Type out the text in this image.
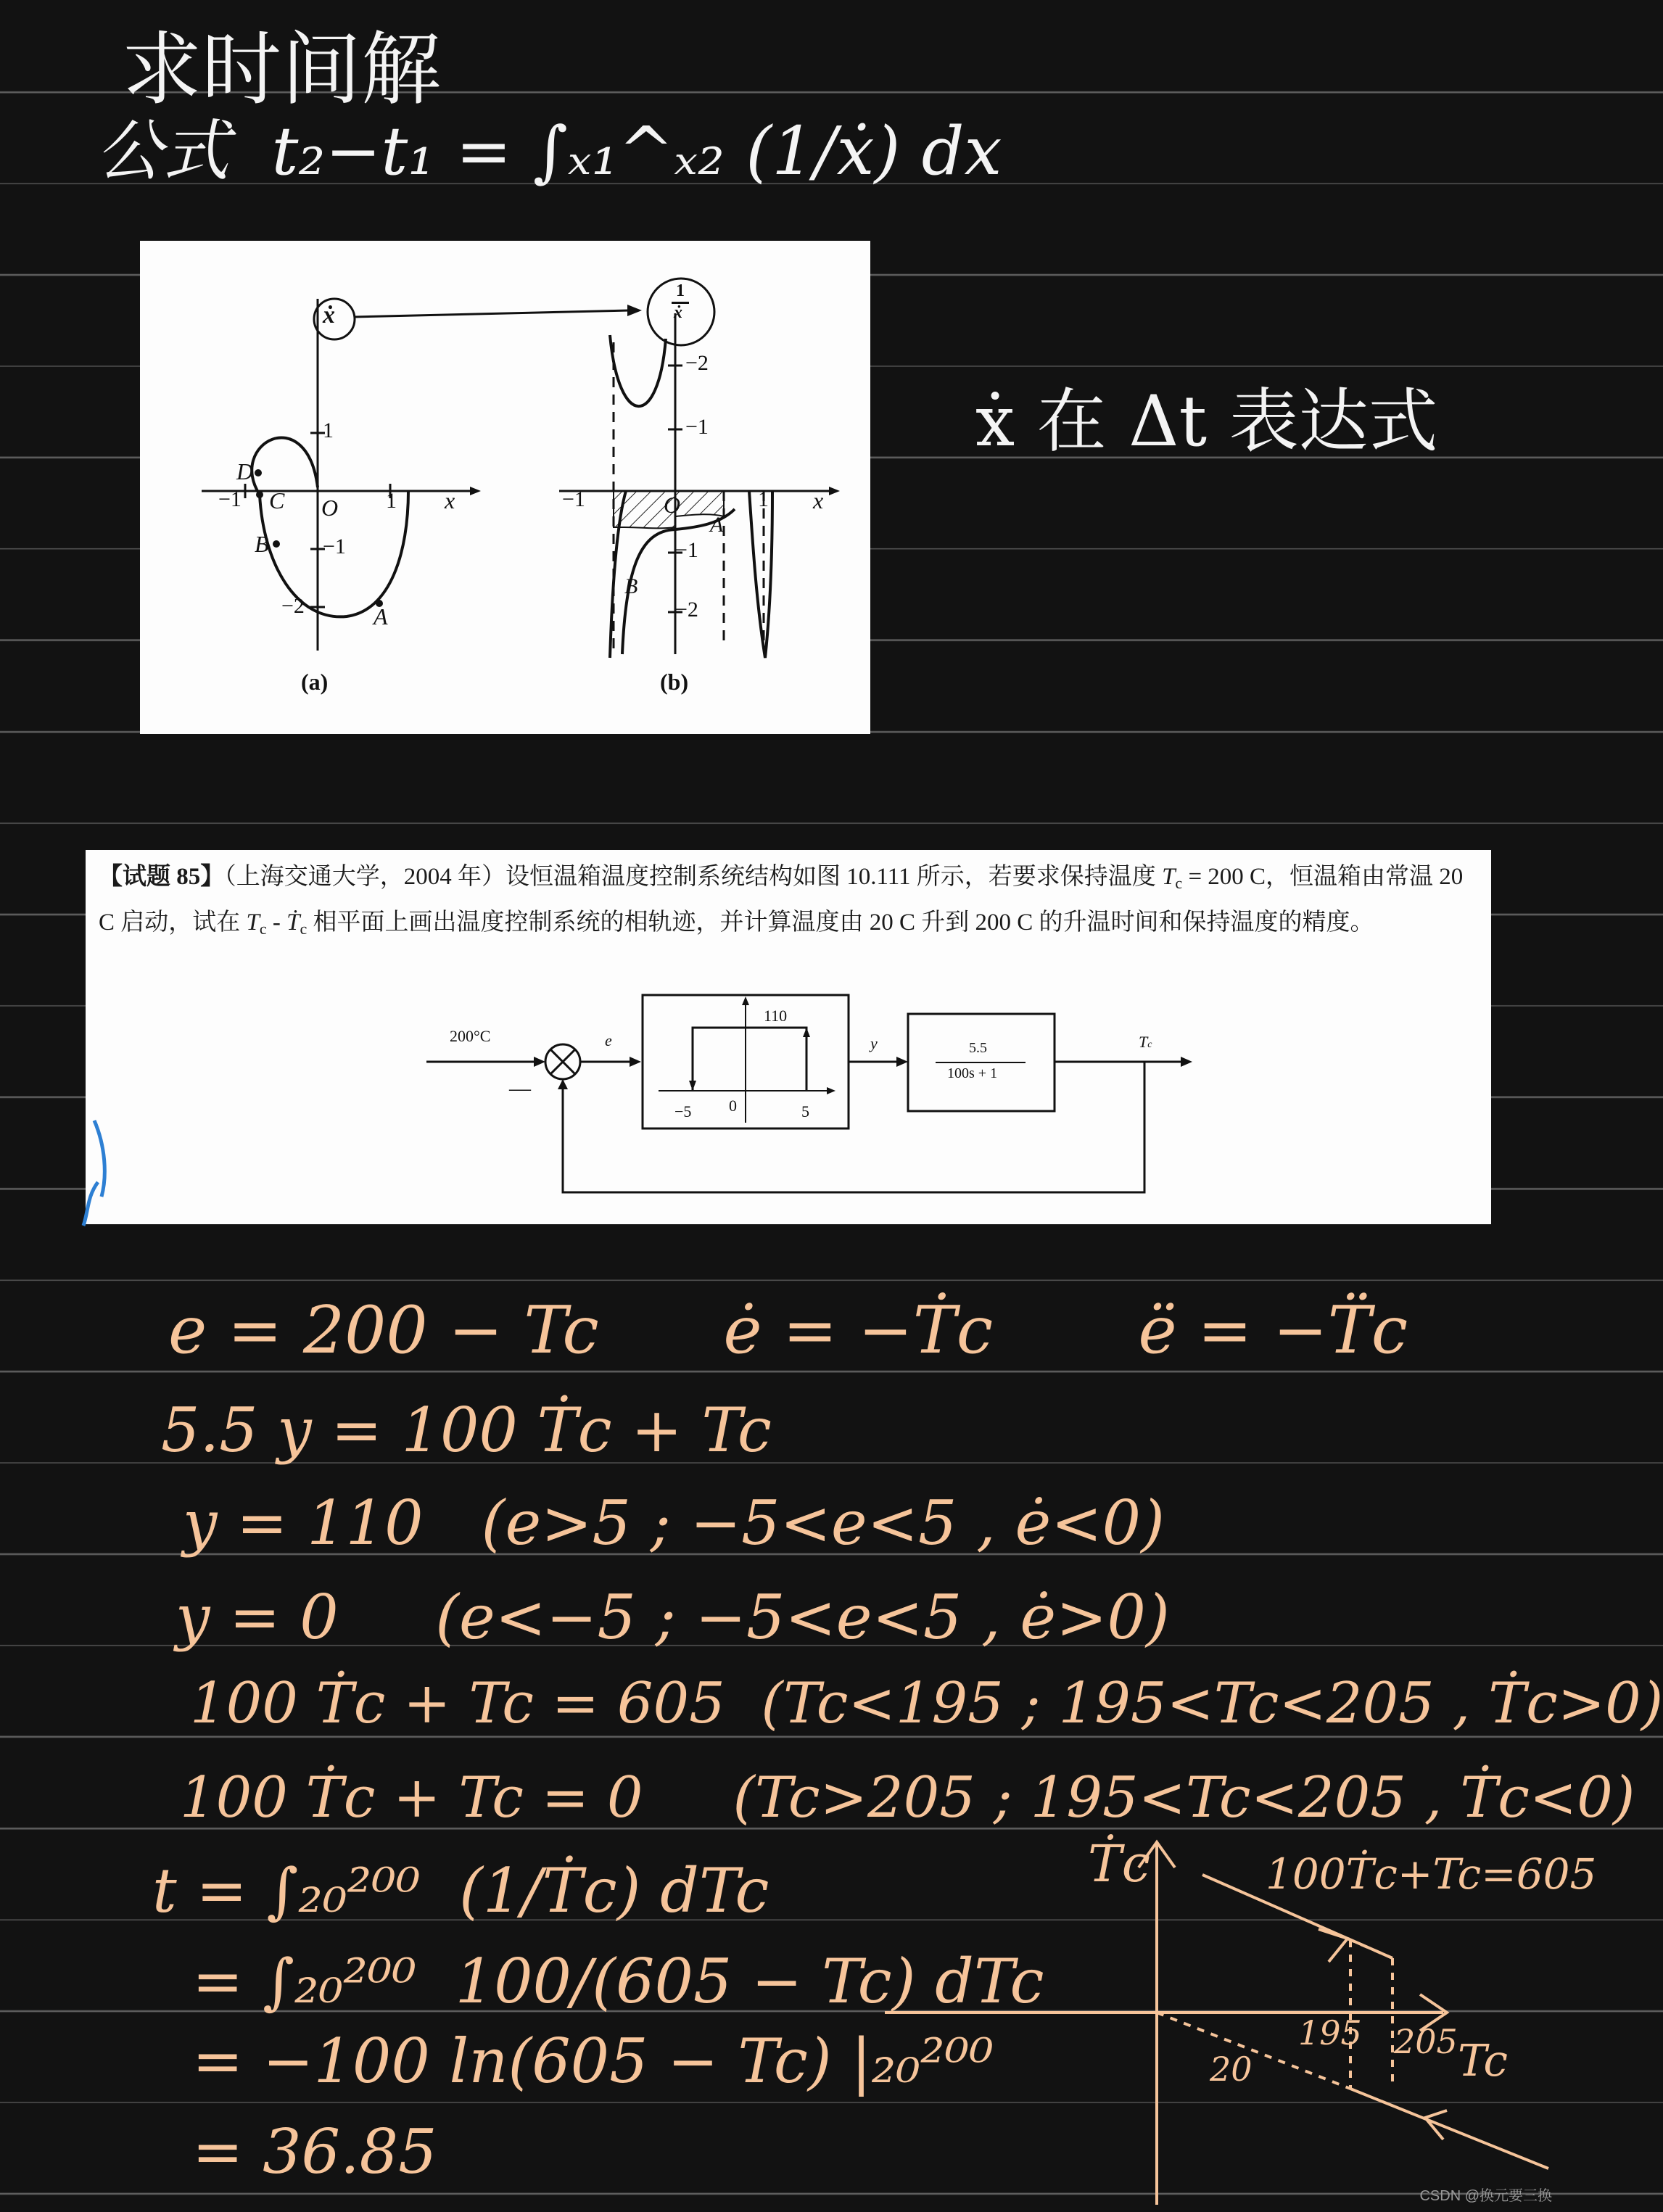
求时间解
公式  t₂−t₁ = ∫ₓ₁^ₓ₂ (1/ẋ) dx
ẋ 在 Δt 表达式
ẋ
x
O 1
−1
1
−1
−2
D
C
B
A
(a)
1
ẋ
x
O
−1	1
−2
−1
−1
−2
A
B
(b)
【试题 85】（上海交通大学，2004 年）设恒温箱温度控制系统结构如图 10.111 所示，若要求保持温度 $T_c = 200$ C，恒温箱由常温 20 C 启动，试在 $T_c$ - Ṫ$_c$ 相平面上画出温度控制系统的相轨迹，并计算温度由 20 C 升到 200 C 的升温时间和保持温度的精度。
200°C
—
e
110
−5 0	5
y	5.5
100s + 1
Tc
e = 200 − Tc      ė = −Ṫc       ë = −T̈c
5.5 y = 100 Ṫc + Tc
y = 110   (e>5 ; −5<e<5 , ė<0)
y = 0     (e<−5 ; −5<e<5 , ė>0)
100 Ṫc + Tc = 605  (Tc<195 ; 195<Tc<205 , Ṫc>0)
100 Ṫc + Tc = 0     (Tc>205 ; 195<Tc<205 , Ṫc<0)
t = ∫₂₀²⁰⁰  (1/Ṫc) dTc
= ∫₂₀²⁰⁰  100/(605 − Tc) dTc
= −100 ln(605 − Tc) |₂₀²⁰⁰
= 36.85
Ṫc	100Ṫc+Tc=605
195 205 Tc
20
CSDN @换元要三换
